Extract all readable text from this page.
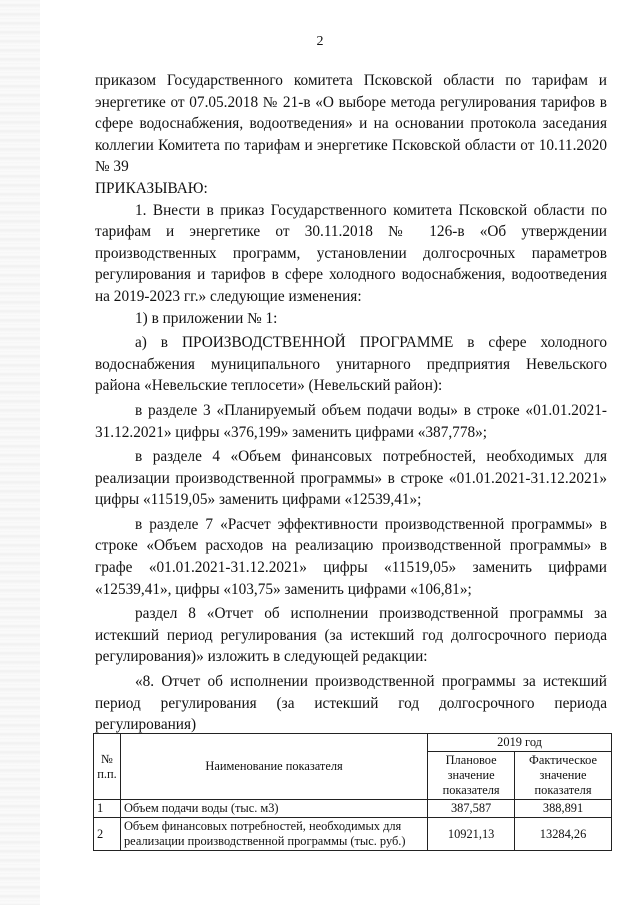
2

приказом Государственного комитета Псковской области по тарифам и энергетике от 07.05.2018 № 21-в «О выборе метода регулирования тарифов в сфере водоснабжения, водоотведения» и на основании протокола заседания коллегии Комитета по тарифам и энергетике Псковской области от 10.11.2020 № 39

ПРИКАЗЫВАЮ:

1. Внести в приказ Государственного комитета Псковской области по тарифам и энергетике от 30.11.2018 № 126-в «Об утверждении производственных программ, установлении долгосрочных параметров регулирования и тарифов в сфере холодного водоснабжения, водоотведения на 2019-2023 гг.» следующие изменения:

1) в приложении № 1:

а) в ПРОИЗВОДСТВЕННОЙ ПРОГРАММЕ в сфере холодного водоснабжения муниципального унитарного предприятия Невельского района «Невельские теплосети» (Невельский район):

в разделе 3 «Планируемый объем подачи воды» в строке «01.01.2021-31.12.2021» цифры «376,199» заменить цифрами «387,778»;

в разделе 4 «Объем финансовых потребностей, необходимых для реализации производственной программы» в строке «01.01.2021-31.12.2021» цифры «11519,05» заменить цифрами «12539,41»;

в разделе 7 «Расчет эффективности производственной программы» в строке «Объем расходов на реализацию производственной программы» в графе «01.01.2021-31.12.2021» цифры «11519,05» заменить цифрами «12539,41», цифры «103,75» заменить цифрами «106,81»;

раздел 8 «Отчет об исполнении производственной программы за истекший период регулирования (за истекший год долгосрочного периода регулирования)» изложить в следующей редакции:

«8. Отчет об исполнении производственной программы за истекший период регулирования (за истекший год долгосрочного периода регулирования)

№ п.п.	Наименование показателя	2019 год	
		Плановое значение показателя	Фактическое значение показателя
1	Объем подачи воды (тыс. м3)	387,587	388,891
2	Объем финансовых потребностей, необходимых для реализации производственной программы (тыс. руб.)	10921,13	13284,26
